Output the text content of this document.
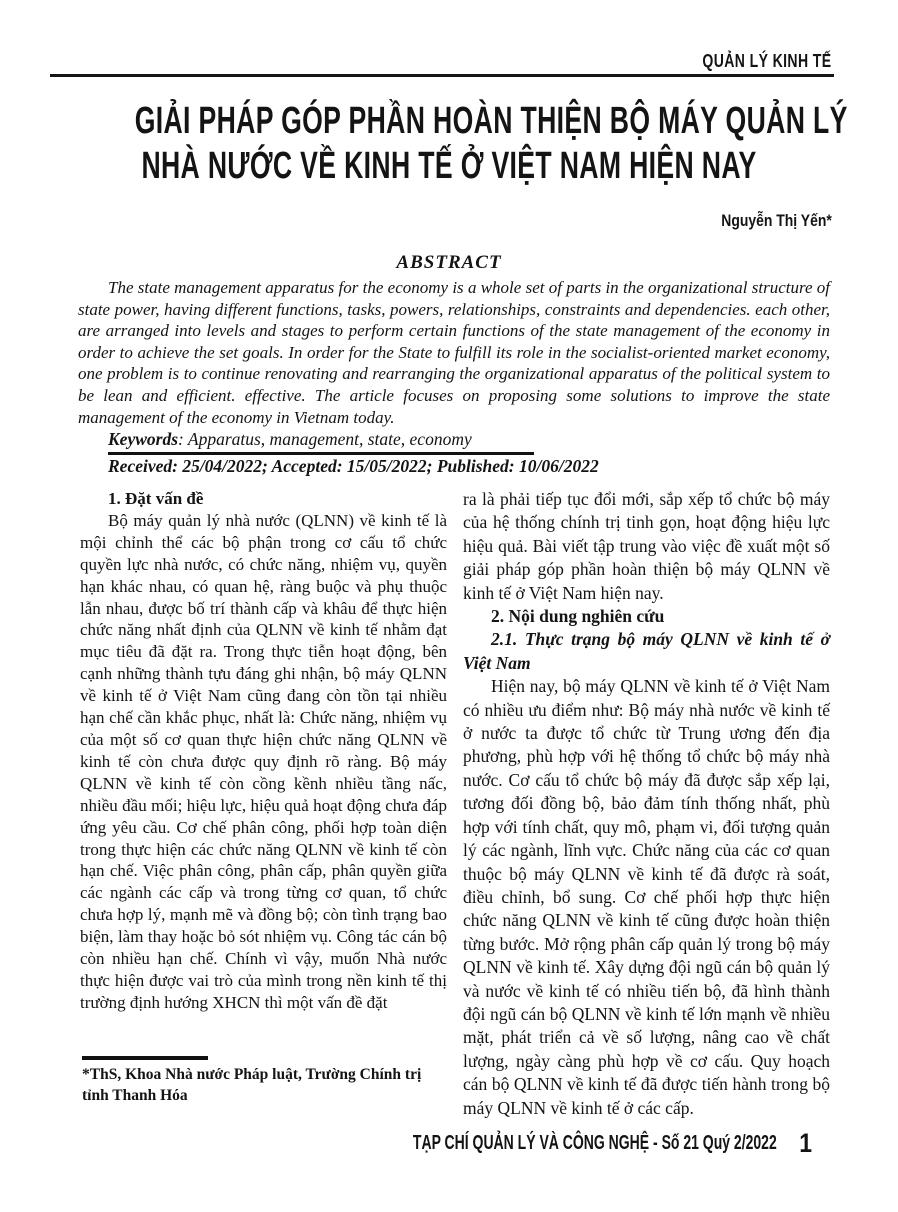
QUẢN LÝ KINH TẾ
GIẢI PHÁP GÓP PHẦN HOÀN THIỆN BỘ MÁY QUẢN LÝ
NHÀ NƯỚC VỀ KINH TẾ Ở VIỆT NAM HIỆN NAY
Nguyễn Thị Yến*
ABSTRACT

The state management apparatus for the economy is a whole set of parts in the organizational structure of state power, having different functions, tasks, powers, relationships, constraints and dependencies. each other, are arranged into levels and stages to perform certain functions of the state management of the economy in order to achieve the set goals. In order for the State to fulfill its role in the socialist-oriented market economy, one problem is to continue renovating and rearranging the organizational apparatus of the political system to be lean and efficient. effective. The article focuses on proposing some solutions to improve the state management of the economy in Vietnam today.

Keywords: Apparatus, management, state, economy

Received: 25/04/2022; Accepted: 15/05/2022; Published: 10/06/2022

1. Đặt vấn đề

Bộ máy quản lý nhà nước (QLNN) về kinh tế là mội chỉnh thể các bộ phận trong cơ cấu tổ chức quyền lực nhà nước, có chức năng, nhiệm vụ, quyền hạn khác nhau, có quan hệ, ràng buộc và phụ thuộc lẫn nhau, được bố trí thành cấp và khâu để thực hiện chức năng nhất định của QLNN về kinh tế nhằm đạt mục tiêu đã đặt ra. Trong thực tiễn hoạt động, bên cạnh những thành tựu đáng ghi nhận, bộ máy QLNN về kinh tế ở Việt Nam cũng đang còn tồn tại nhiều hạn chế cần khắc phục, nhất là: Chức năng, nhiệm vụ của một số cơ quan thực hiện chức năng QLNN về kinh tế còn chưa được quy định rõ ràng. Bộ máy QLNN về kinh tế còn cồng kềnh nhiều tầng nấc, nhiều đầu mối; hiệu lực, hiệu quả hoạt động chưa đáp ứng yêu cầu. Cơ chế phân công, phối hợp toàn diện trong thực hiện các chức năng QLNN về kinh tế còn hạn chế. Việc phân công, phân cấp, phân quyền giữa các ngành các cấp và trong từng cơ quan, tổ chức chưa hợp lý, mạnh mẽ và đồng bộ; còn tình trạng bao biện, làm thay hoặc bỏ sót nhiệm vụ. Công tác cán bộ còn nhiều hạn chế. Chính vì vậy, muốn Nhà nước thực hiện được vai trò của mình trong nền kinh tế thị trường định hướng XHCN thì một vấn đề đặt

ra là phải tiếp tục đổi mới, sắp xếp tổ chức bộ máy của hệ thống chính trị tinh gọn, hoạt động hiệu lực hiệu quả. Bài viết tập trung vào việc đề xuất một số giải pháp góp phần hoàn thiện bộ máy QLNN về kinh tế ở Việt Nam hiện nay.

2. Nội dung nghiên cứu
2.1. Thực trạng bộ máy QLNN về kinh tế ở Việt Nam

Hiện nay, bộ máy QLNN về kinh tế ở Việt Nam có nhiều ưu điểm như: Bộ máy nhà nước về kinh tế ở nước ta được tổ chức từ Trung ương đến địa phương, phù hợp với hệ thống tổ chức bộ máy nhà nước. Cơ cấu tổ chức bộ máy đã được sắp xếp lại, tương đối đồng bộ, bảo đảm tính thống nhất, phù hợp với tính chất, quy mô, phạm vi, đối tượng quản lý các ngành, lĩnh vực. Chức năng của các cơ quan thuộc bộ máy QLNN về kinh tế đã được rà soát, điều chỉnh, bổ sung. Cơ chế phối hợp thực hiện chức năng QLNN về kinh tế cũng được hoàn thiện từng bước. Mở rộng phân cấp quản lý trong bộ máy QLNN về kinh tế. Xây dựng đội ngũ cán bộ quản lý và nước về kinh tế có nhiều tiến bộ, đã hình thành đội ngũ cán bộ QLNN về kinh tế lớn mạnh về nhiều mặt, phát triển cả về số lượng, nâng cao về chất lượng, ngày càng phù hợp về cơ cấu. Quy hoạch cán bộ QLNN về kinh tế đã được tiến hành trong bộ máy QLNN về kinh tế ở các cấp.

*ThS, Khoa Nhà nước Pháp luật, Trường Chính trị tỉnh Thanh Hóa

TẠP CHÍ QUẢN LÝ VÀ CÔNG NGHỆ - Số 21 Quý 2/2022 1
